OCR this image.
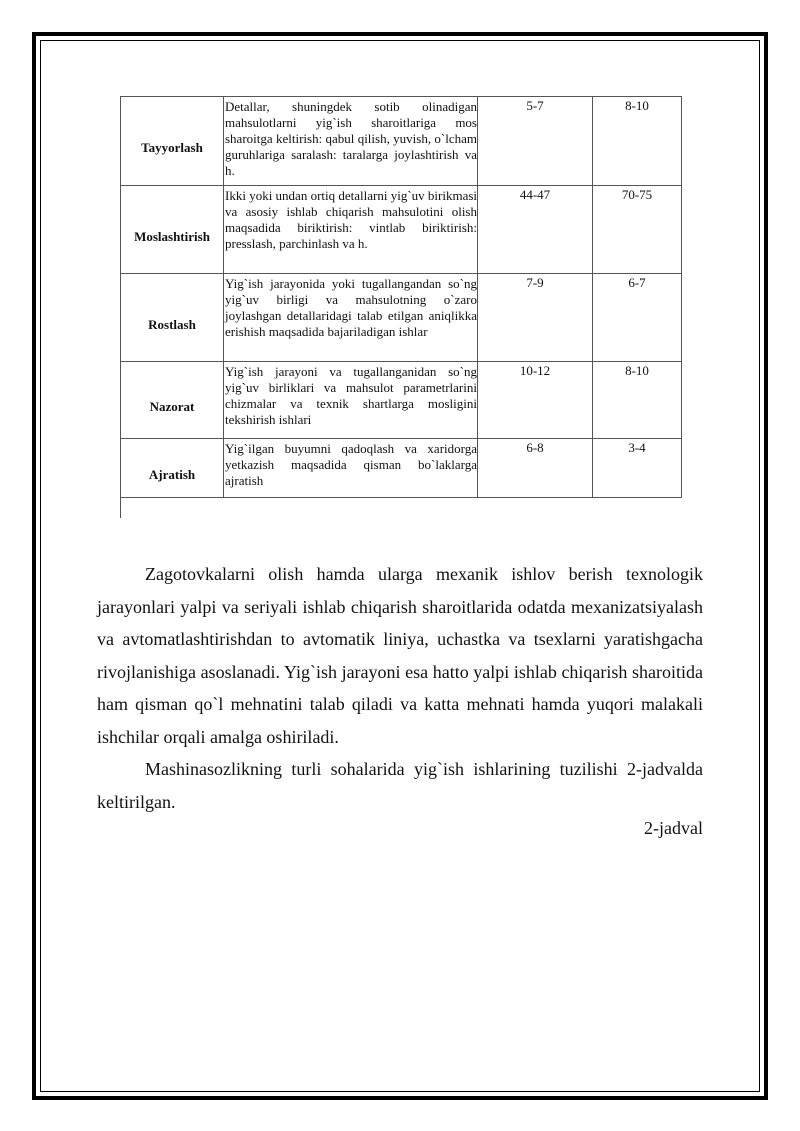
Tayyorlash	Detallar, shuningdek sotib olinadigan mahsulotlarni yig`ish sharoitlariga mos sharoitga keltirish: qabul qilish, yuvish, o`lcham guruhlariga saralash: taralarga joylashtirish va h.	5-7	8-10

Moslashtirish	Ikki yoki undan ortiq detallarni yig`uv birikmasi va asosiy ishlab chiqarish mahsulotini olish maqsadida biriktirish: vintlab biriktirish: presslash, parchinlash va h.	44-47	70-75

Rostlash	Yig`ish jarayonida yoki tugallangandan so`ng yig`uv birligi va mahsulotning o`zaro joylashgan detallaridagi talab etilgan aniqlikka erishish maqsadida bajariladigan ishlar	7-9	6-7

Nazorat	Yig`ish jarayoni va tugallanganidan so`ng yig`uv birliklari va mahsulot parametrlarini chizmalar va texnik shartlarga mosligini tekshirish ishlari	10-12	8-10

Ajratish	Yig`ilgan buyumni qadoqlash va xaridorga yetkazish maqsadida qisman bo`laklarga ajratish	6-8	3-4

Zagotovkalarni olish hamda ularga mexanik ishlov berish texnologik jarayonlari yalpi va seriyali ishlab chiqarish sharoitlarida odatda mexanizatsiyalash va avtomatlashtirishdan to avtomatik liniya, uchastka va tsexlarni yaratishgacha rivojlanishiga asoslanadi. Yig`ish jarayoni esa hatto yalpi ishlab chiqarish sharoitida ham qisman qo`l mehnatini talab qiladi va katta mehnati hamda yuqori malakali ishchilar orqali amalga oshiriladi.

Mashinasozlikning turli sohalarida yig`ish ishlarining tuzilishi 2-jadvalda keltirilgan.

2-jadval
